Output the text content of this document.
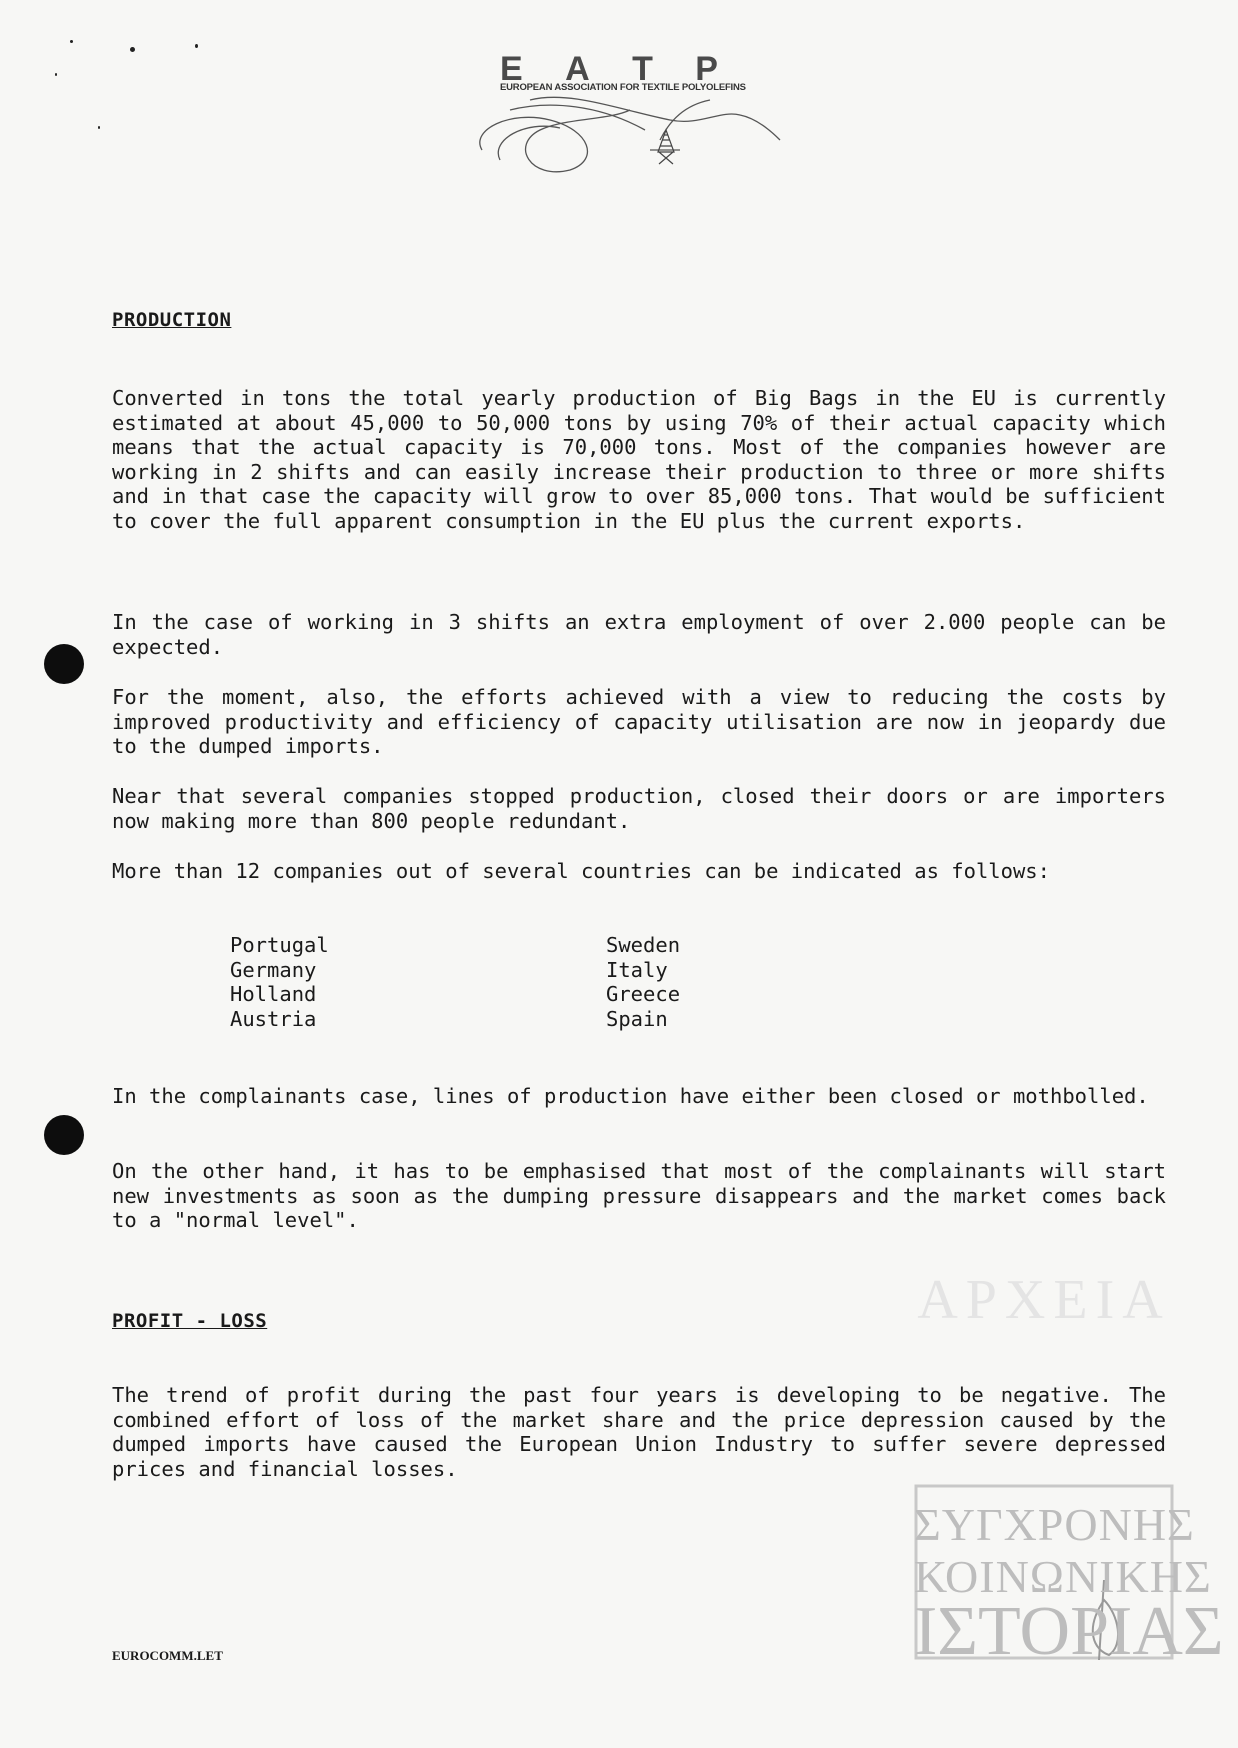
E A T P
EUROPEAN ASSOCIATION FOR TEXTILE POLYOLEFINS
PRODUCTION

Converted in tons the total yearly production of Big Bags in the EU is currently estimated at about 45,000 to 50,000 tons by using 70% of their actual capacity which means that the actual capacity is 70,000 tons. Most of the companies however are working in 2 shifts and can easily increase their production to three or more shifts and in that case the capacity will grow to over 85,000 tons. That would be sufficient to cover the full apparent consumption in the EU plus the current exports.

In the case of working in 3 shifts an extra employment of over 2.000 people can be expected.

For the moment, also, the efforts achieved with a view to reducing the costs by improved productivity and efficiency of capacity utilisation are now in jeopardy due to the dumped imports.

Near that several companies stopped production, closed their doors or are importers now making more than 800 people redundant.

More than 12 companies out of several countries can be indicated as follows:

Portugal	Sweden
Germany	Italy
Holland	Greece
Austria	Spain

In the complainants case, lines of production have either been closed or mothbolled.

On the other hand, it has to be emphasised that most of the complainants will start new investments as soon as the dumping pressure disappears and the market comes back to a "normal level".

PROFIT - LOSS

The trend of profit during the past four years is developing to be negative. The combined effort of loss of the market share and the price depression caused by the dumped imports have caused the European Union Industry to suffer severe depressed prices and financial losses.

EUROCOMM.LET
ΑΡΧΕΙΑ
ΣΥΓΧΡΟΝΗΣ
ΚΟΙΝΩΝΙΚΗΣ
ΙΣΤΟΡΙΑΣ
